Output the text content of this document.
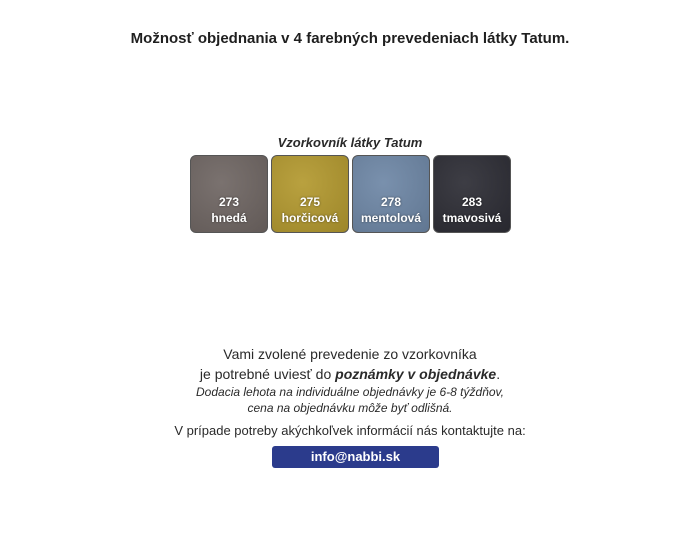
Možnosť objednania v 4 farebných prevedeniach látky Tatum.
Vzorkovník látky Tatum
273
hnedá
275
horčicová
278
mentolová
283
tmavosivá
Vami zvolené prevedenie zo vzorkovníka
je potrebné uviesť do poznámky v objednávke.
Dodacia lehota na individuálne objednávky je 6-8 týždňov,
cena na objednávku môže byť odlišná.
V prípade potreby akýchkoľvek informácií nás kontaktujte na:
info@nabbi.sk
